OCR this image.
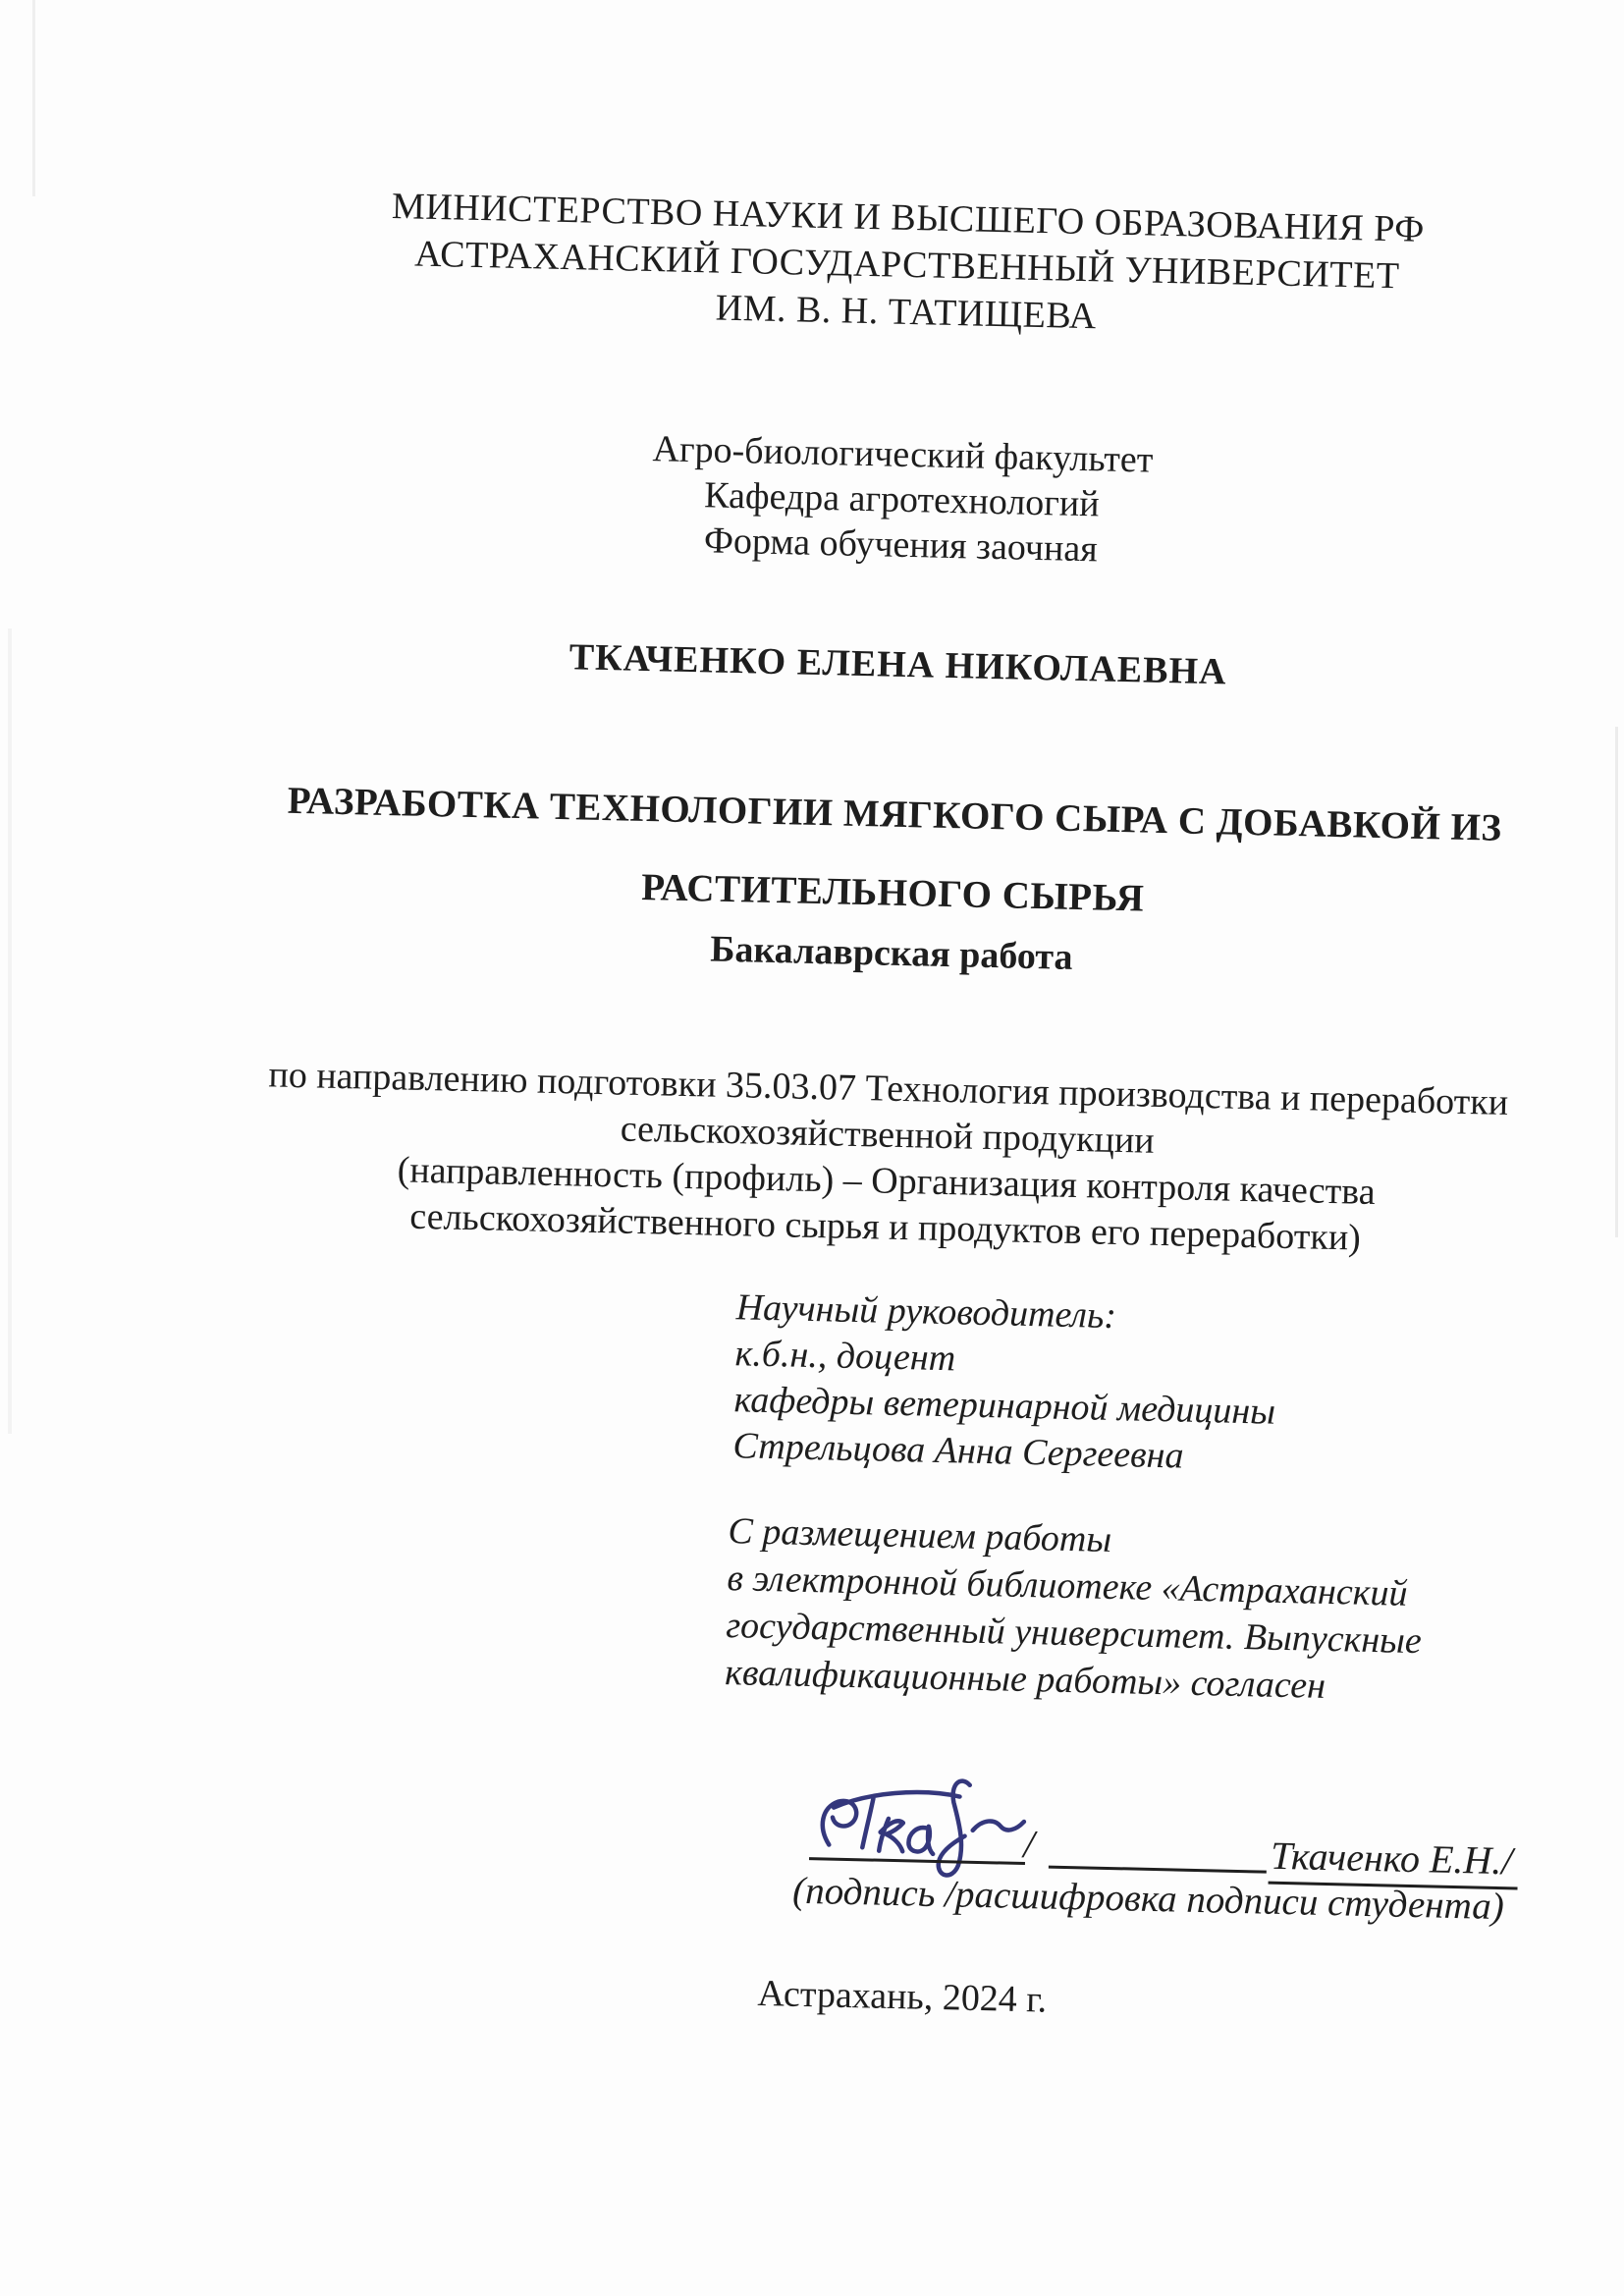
МИНИСТЕРСТВО НАУКИ И ВЫСШЕГО ОБРАЗОВАНИЯ РФ
АСТРАХАНСКИЙ ГОСУДАРСТВЕННЫЙ УНИВЕРСИТЕТ
ИМ. В. Н. ТАТИЩЕВА
Агро-биологический факультет
Кафедра агротехнологий
Форма обучения заочная
ТКАЧЕНКО ЕЛЕНА НИКОЛАЕВНА
РАЗРАБОТКА ТЕХНОЛОГИИ МЯГКОГО СЫРА С ДОБАВКОЙ ИЗ
РАСТИТЕЛЬНОГО СЫРЬЯ
Бакалаврская работа
по направлению подготовки 35.03.07 Технология производства и переработки
сельскохозяйственной продукции
(направленность (профиль) – Организация контроля качества
сельскохозяйственного сырья и продуктов его переработки)
Научный руководитель:
к.б.н., доцент
кафедры ветеринарной медицины
Стрельцова Анна Сергеевна
С размещением работы
в электронной библиотеке «Астраханский
государственный университет. Выпускные
квалификационные работы» согласен
/	Ткаченко Е.Н./
(подпись /расшифровка подписи студента)
Астрахань, 2024 г.
